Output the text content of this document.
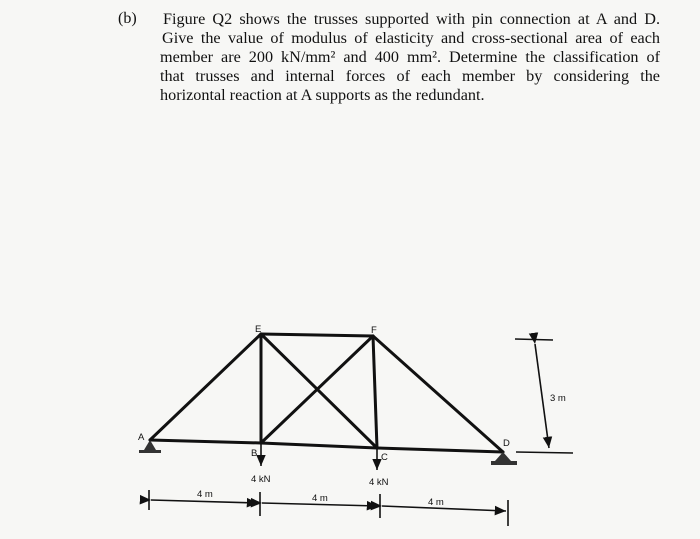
(b) Figure Q2 shows the trusses supported with pin connection at A and D.
Give the value of modulus of elasticity and cross-sectional area of each
member are 200 kN/mm² and 400 mm². Determine the classification of
that trusses and internal forces of each member by considering the
horizontal reaction at A supports as the redundant.
A
B	C
D
E	F
4 kN	4 kN
4 m	4 m	4 m
3 m
